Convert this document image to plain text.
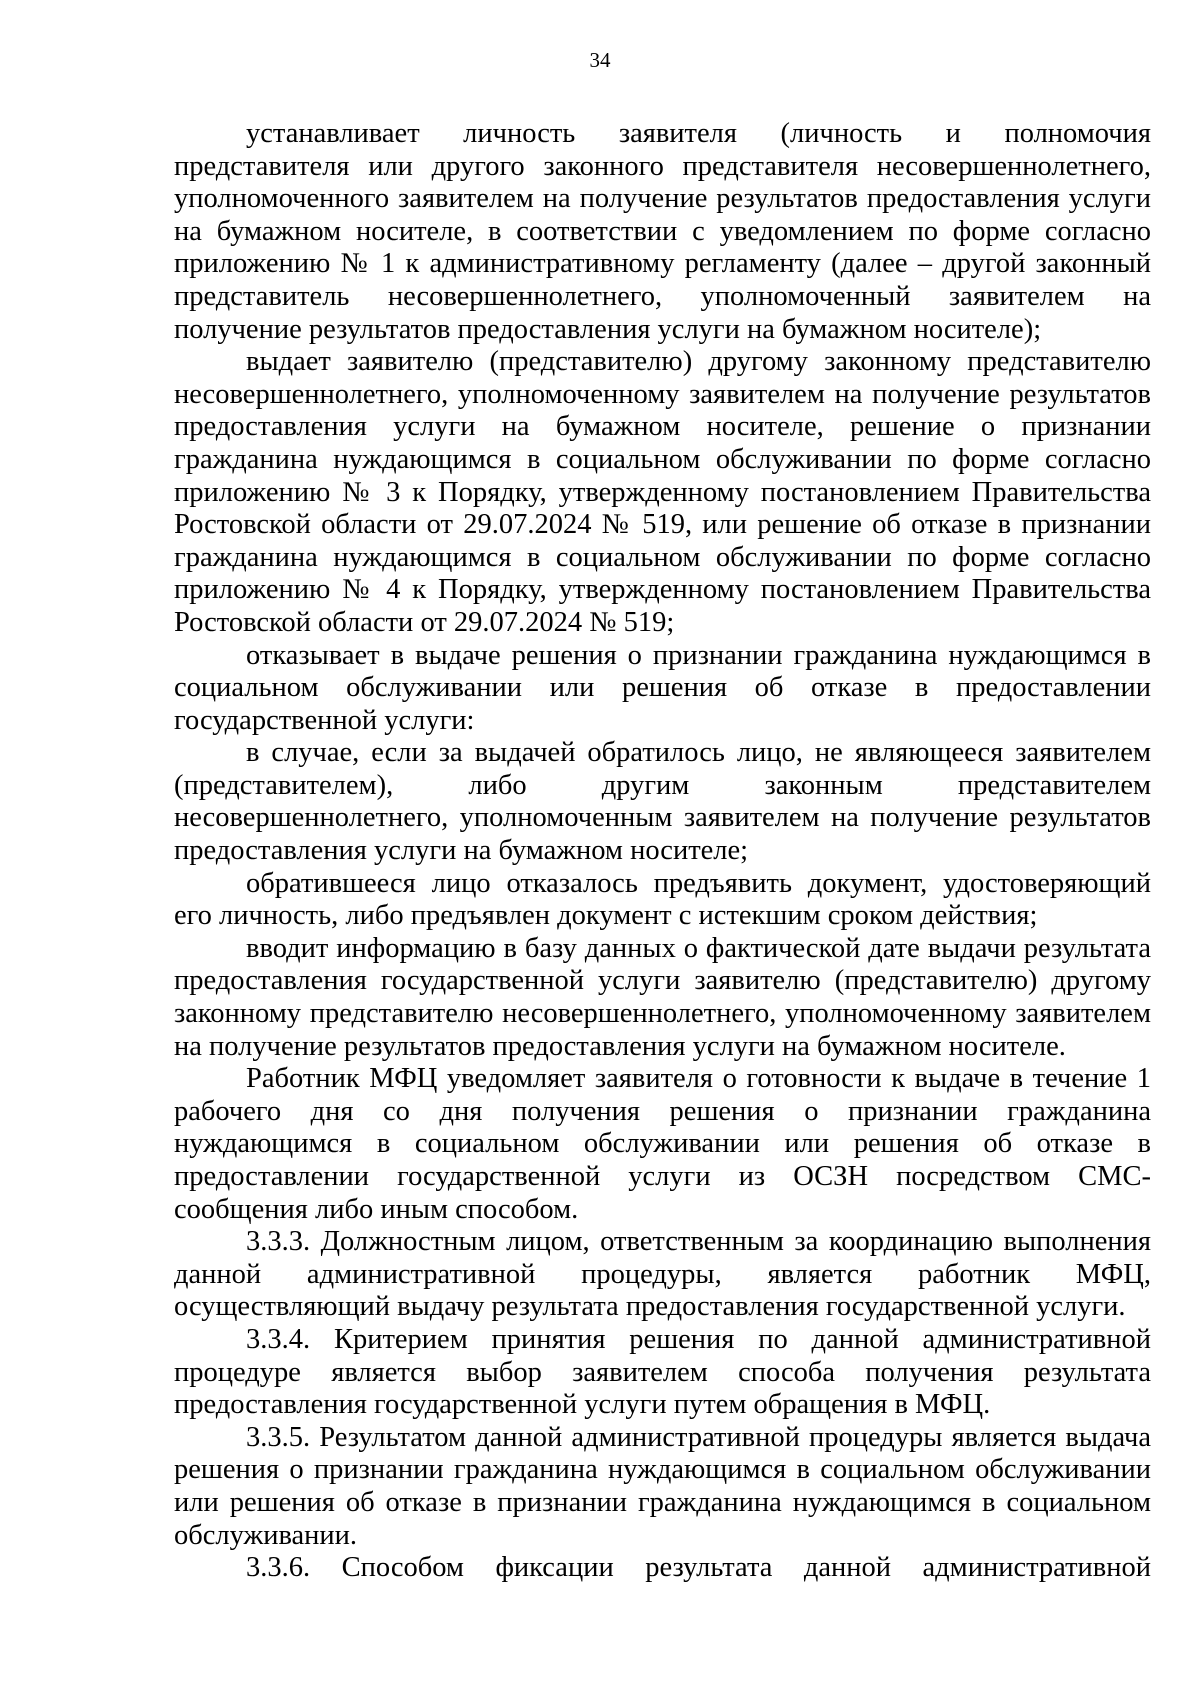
34

устанавливает личность заявителя (личность и полномочия представителя или другого законного представителя несовершеннолетнего, уполномоченного заявителем на получение результатов предоставления услуги на бумажном носителе, в соответствии с уведомлением по форме согласно приложению № 1 к административному регламенту (далее – другой законный представитель несовершеннолетнего, уполномоченный заявителем на получение результатов предоставления услуги на бумажном носителе);

выдает заявителю (представителю) другому законному представителю несовершеннолетнего, уполномоченному заявителем на получение результатов предоставления услуги на бумажном носителе, решение о признании гражданина нуждающимся в социальном обслуживании по форме согласно приложению № 3 к Порядку, утвержденному постановлением Правительства Ростовской области от 29.07.2024 № 519, или решение об отказе в признании гражданина нуждающимся в социальном обслуживании по форме согласно приложению № 4 к Порядку, утвержденному постановлением Правительства Ростовской области от 29.07.2024 № 519;

отказывает в выдаче решения о признании гражданина нуждающимся в социальном обслуживании или решения об отказе в предоставлении государственной услуги:

в случае, если за выдачей обратилось лицо, не являющееся заявителем (представителем), либо другим законным представителем несовершеннолетнего, уполномоченным заявителем на получение результатов предоставления услуги на бумажном носителе;

обратившееся лицо отказалось предъявить документ, удостоверяющий его личность, либо предъявлен документ с истекшим сроком действия;

вводит информацию в базу данных о фактической дате выдачи результата предоставления государственной услуги заявителю (представителю) другому законному представителю несовершеннолетнего, уполномоченному заявителем на получение результатов предоставления услуги на бумажном носителе.

Работник МФЦ уведомляет заявителя о готовности к выдаче в течение 1 рабочего дня со дня получения решения о признании гражданина нуждающимся в социальном обслуживании или решения об отказе в предоставлении государственной услуги из ОСЗН посредством СМС-сообщения либо иным способом.

3.3.3. Должностным лицом, ответственным за координацию выполнения данной административной процедуры, является работник МФЦ, осуществляющий выдачу результата предоставления государственной услуги.

3.3.4. Критерием принятия решения по данной административной процедуре является выбор заявителем способа получения результата предоставления государственной услуги путем обращения в МФЦ.

3.3.5. Результатом данной административной процедуры является выдача решения о признании гражданина нуждающимся в социальном обслуживании или решения об отказе в признании гражданина нуждающимся в социальном обслуживании.

3.3.6. Способом фиксации результата данной административной
